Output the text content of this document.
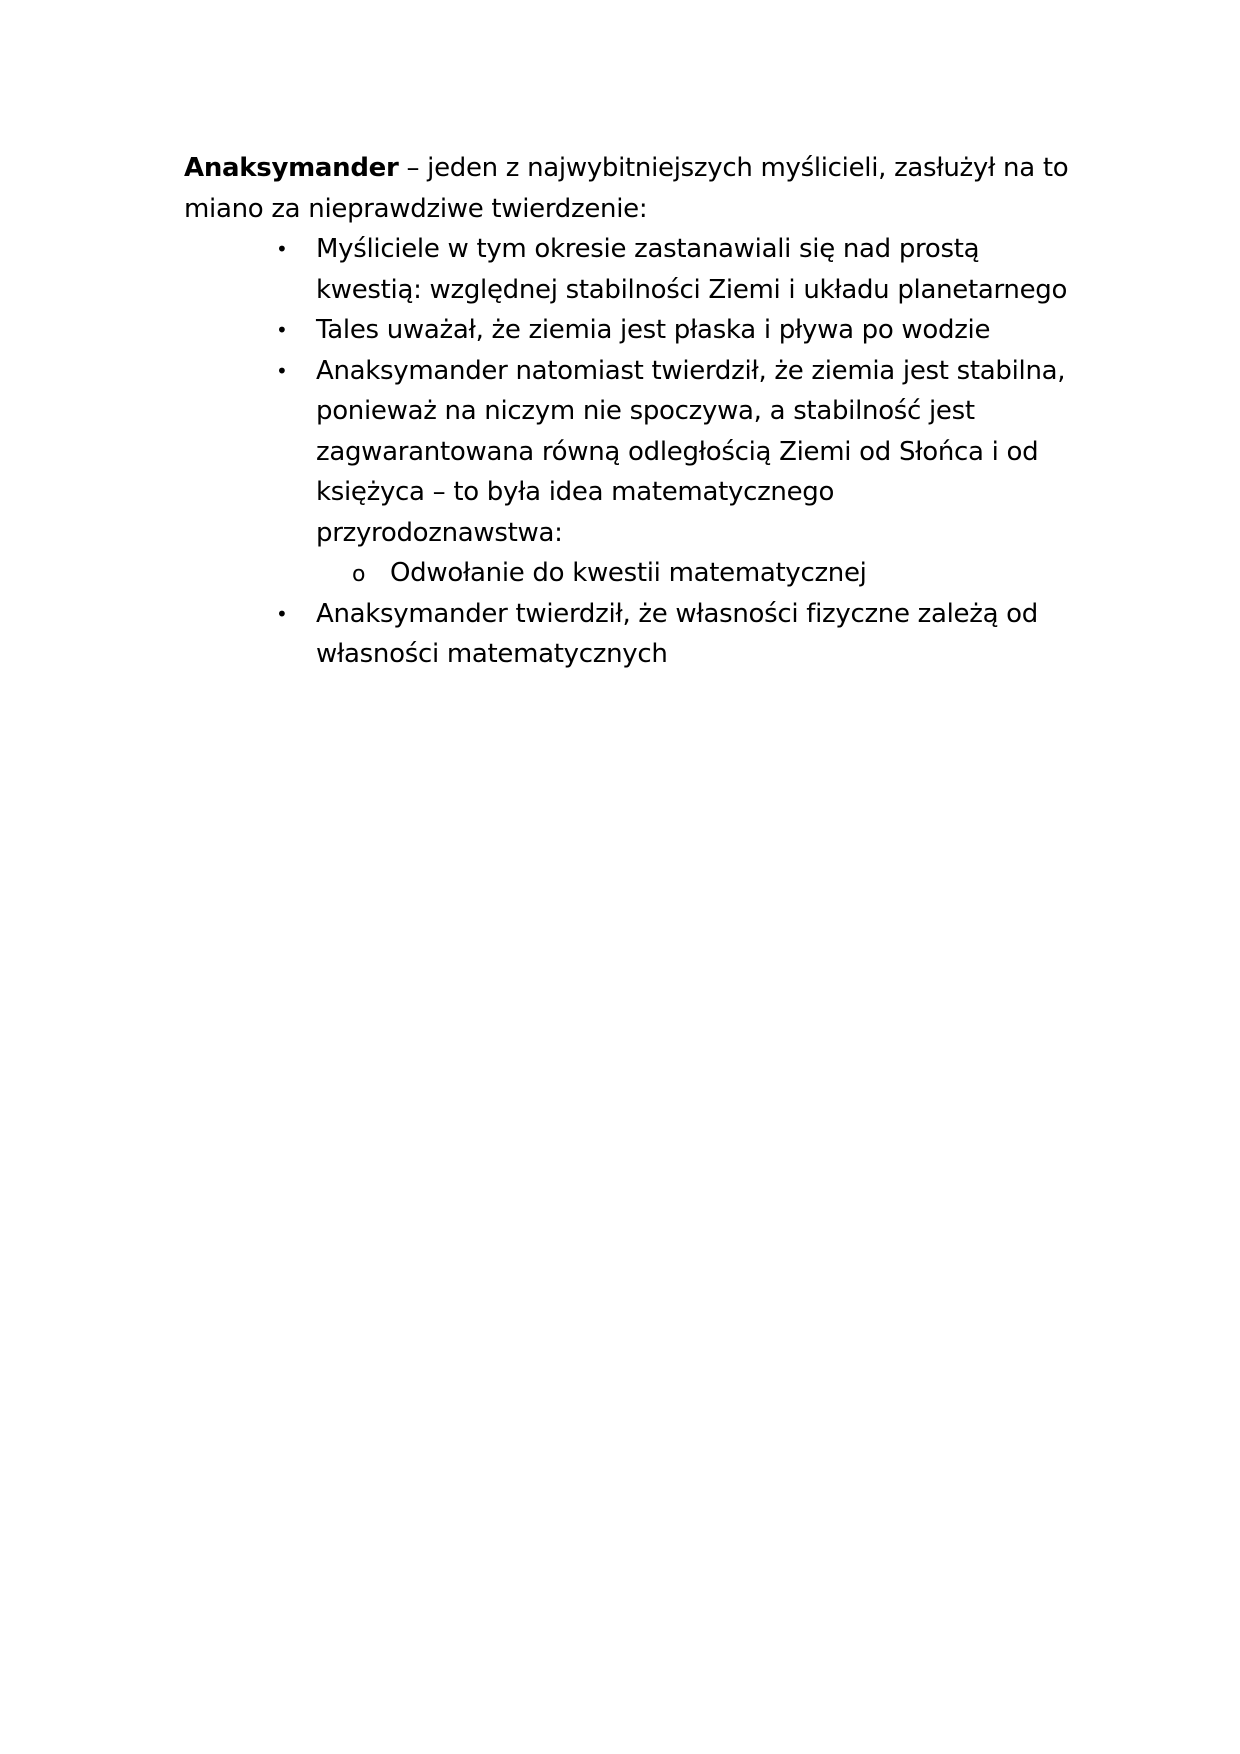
Anaksymander – jeden z najwybitniejszych myślicieli, zasłużył na to miano za nieprawdziwe twierdzenie:

• Myśliciele w tym okresie zastanawiali się nad prostą kwestią: względnej stabilności Ziemi i układu planetarnego
• Tales uważał, że ziemia jest płaska i pływa po wodzie
• Anaksymander natomiast twierdził, że ziemia jest stabilna, ponieważ na niczym nie spoczywa, a stabilność jest zagwarantowana równą odległością Ziemi od Słońca i od księżyca – to była idea matematycznego przyrodoznawstwa:
o Odwołanie do kwestii matematycznej
• Anaksymander twierdził, że własności fizyczne zależą od własności matematycznych
